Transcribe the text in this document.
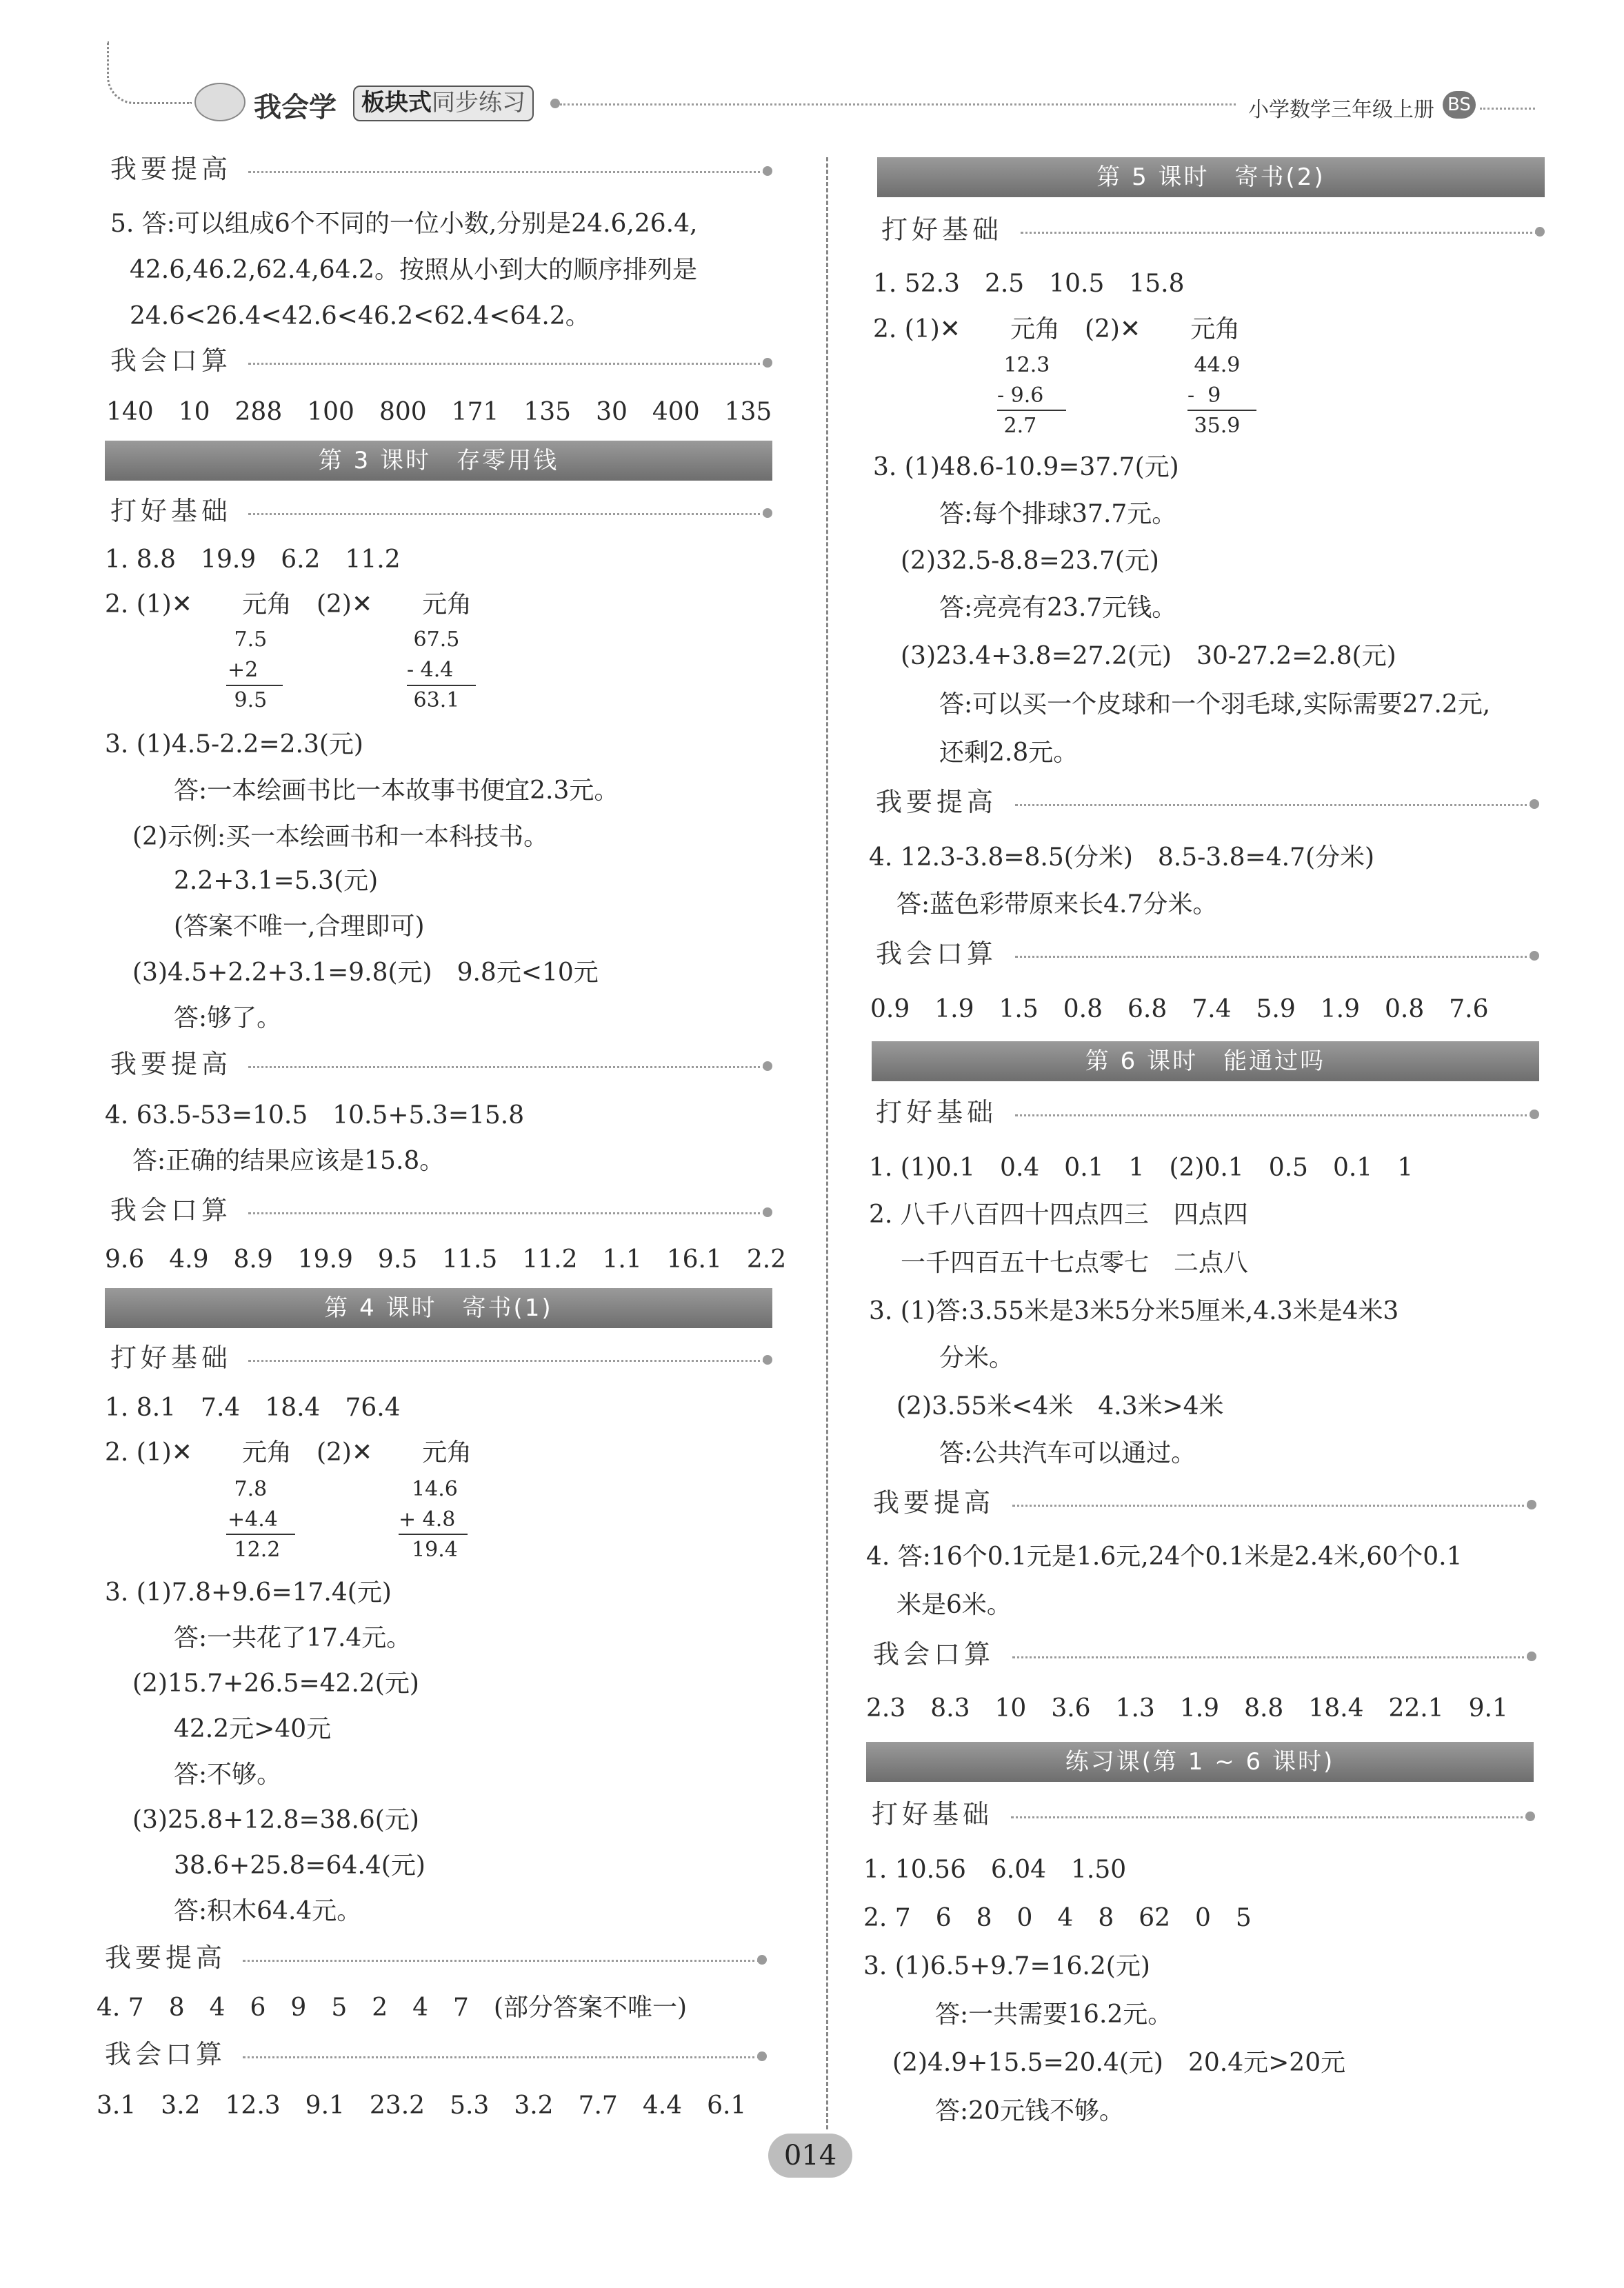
我会学	板块式同步练习	小学数学三年级上册 BS
我要提高
5. 答:可以组成6个不同的一位小数,分别是24.6,26.4,
42.6,46.2,62.4,64.2。按照从小到大的顺序排列是
24.6<26.4<42.6<46.2<62.4<64.2。
我会口算
140　10　288　100　800　171　135　30　400　135
第 3 课时　存零用钱
打好基础
1. 8.8　19.9　6.2　11.2
2. (1)✕　　元角　(2)✕　　元角
7.5
+2
9.5
67.5
- 4.4
63.1
3. (1)4.5-2.2=2.3(元)
答:一本绘画书比一本故事书便宜2.3元。
(2)示例:买一本绘画书和一本科技书。
2.2+3.1=5.3(元)
(答案不唯一,合理即可)
(3)4.5+2.2+3.1=9.8(元)　9.8元<10元
答:够了。
我要提高
4. 63.5-53=10.5　10.5+5.3=15.8
答:正确的结果应该是15.8。
我会口算
9.6　4.9　8.9　19.9　9.5　11.5　11.2　1.1　16.1　2.2
第 4 课时　寄书(1)
打好基础
1. 8.1　7.4　18.4　76.4
2. (1)✕　　元角　(2)✕　　元角
7.8
+4.4
12.2
14.6
+ 4.8
19.4
3. (1)7.8+9.6=17.4(元)
答:一共花了17.4元。
(2)15.7+26.5=42.2(元)
42.2元>40元
答:不够。
(3)25.8+12.8=38.6(元)
38.6+25.8=64.4(元)
答:积木64.4元。
我要提高
4. 7　8　4　6　9　5　2　4　7　(部分答案不唯一)
我会口算
3.1　3.2　12.3　9.1　23.2　5.3　3.2　7.7　4.4　6.1
第 5 课时　寄书(2)
打好基础
1. 52.3　2.5　10.5　15.8
2. (1)✕　　元角　(2)✕　　元角
12.3
- 9.6
2.7
44.9
-  9
35.9
3. (1)48.6-10.9=37.7(元)
答:每个排球37.7元。
(2)32.5-8.8=23.7(元)
答:亮亮有23.7元钱。
(3)23.4+3.8=27.2(元)　30-27.2=2.8(元)
答:可以买一个皮球和一个羽毛球,实际需要27.2元,
还剩2.8元。
我要提高
4. 12.3-3.8=8.5(分米)　8.5-3.8=4.7(分米)
答:蓝色彩带原来长4.7分米。
我会口算
0.9　1.9　1.5　0.8　6.8　7.4　5.9　1.9　0.8　7.6
第 6 课时　能通过吗
打好基础
1. (1)0.1　0.4　0.1　1　(2)0.1　0.5　0.1　1
2. 八千八百四十四点四三　四点四
一千四百五十七点零七　二点八
3. (1)答:3.55米是3米5分米5厘米,4.3米是4米3
分米。
(2)3.55米<4米　4.3米>4米
答:公共汽车可以通过。
我要提高
4. 答:16个0.1元是1.6元,24个0.1米是2.4米,60个0.1
米是6米。
我会口算
2.3　8.3　10　3.6　1.3　1.9　8.8　18.4　22.1　9.1
练习课(第 1 ~ 6 课时)
打好基础
1. 10.56　6.04　1.50
2. 7　6　8　0　4　8　62　0　5
3. (1)6.5+9.7=16.2(元)
答:一共需要16.2元。
(2)4.9+15.5=20.4(元)　20.4元>20元
答:20元钱不够。
014
